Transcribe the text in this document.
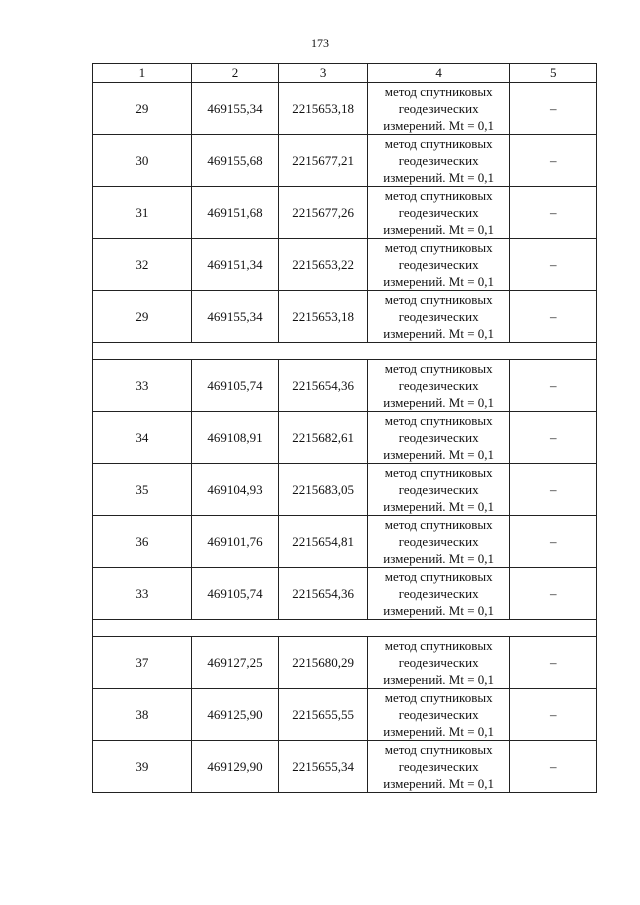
173
1	2	3	4	5
29	469155,34	2215653,18	метод спутниковых
геодезических
измерений. Mt = 0,1	–
30	469155,68	2215677,21	метод спутниковых
геодезических
измерений. Mt = 0,1	–
31	469151,68	2215677,26	метод спутниковых
геодезических
измерений. Mt = 0,1	–
32	469151,34	2215653,22	метод спутниковых
геодезических
измерений. Mt = 0,1	–
29	469155,34	2215653,18	метод спутниковых
геодезических
измерений. Mt = 0,1	–

33	469105,74	2215654,36	метод спутниковых
геодезических
измерений. Mt = 0,1	–
34	469108,91	2215682,61	метод спутниковых
геодезических
измерений. Mt = 0,1	–
35	469104,93	2215683,05	метод спутниковых
геодезических
измерений. Mt = 0,1	–
36	469101,76	2215654,81	метод спутниковых
геодезических
измерений. Mt = 0,1	–
33	469105,74	2215654,36	метод спутниковых
геодезических
измерений. Mt = 0,1	–

37	469127,25	2215680,29	метод спутниковых
геодезических
измерений. Mt = 0,1	–
38	469125,90	2215655,55	метод спутниковых
геодезических
измерений. Mt = 0,1	–
39	469129,90	2215655,34	метод спутниковых
геодезических
измерений. Mt = 0,1	–
